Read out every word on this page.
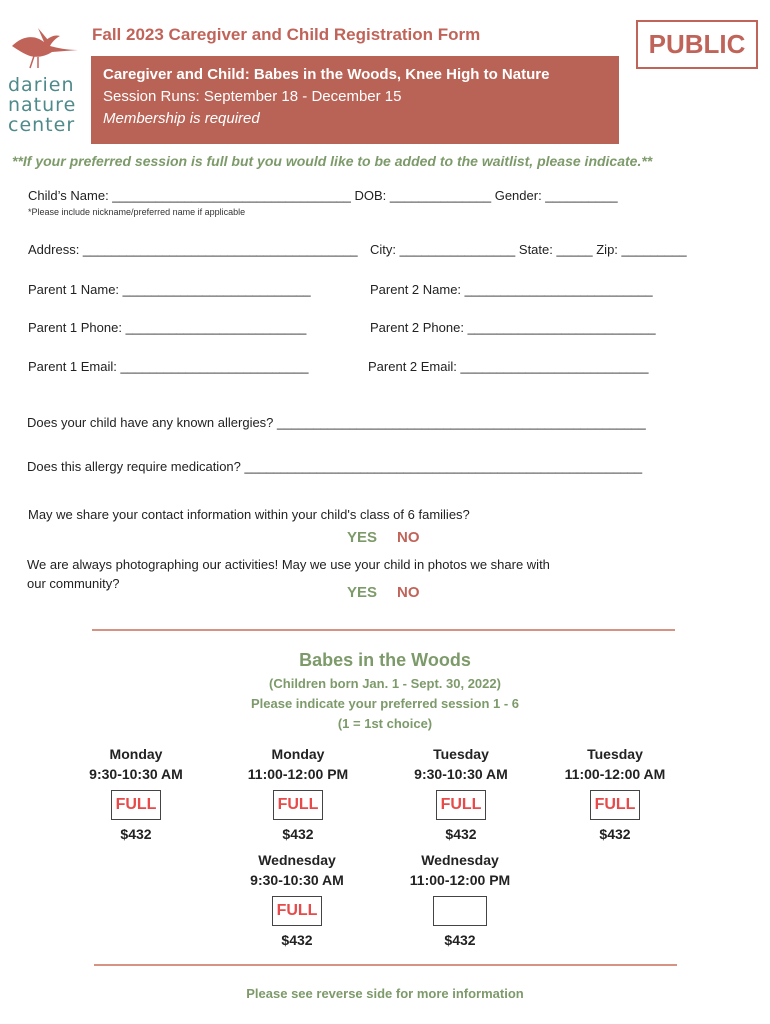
darien
nature
center
Fall 2023 Caregiver and Child Registration Form	PUBLIC
Caregiver and Child: Babes in the Woods, Knee High to Nature
Session Runs: September 18 - December 15
Membership is required
**If your preferred session is full but you would like to be added to the waitlist, please indicate.**
Child’s Name: _________________________________ DOB: ______________ Gender: __________
*Please include nickname/preferred name if applicable
Address: ______________________________________ City: ________________ State: _____ Zip: _________
Parent 1 Name: __________________________	Parent 2 Name: __________________________
Parent 1 Phone: _________________________	Parent 2 Phone: __________________________
Parent 1 Email: __________________________	Parent 2 Email: __________________________
Does your child have any known allergies? ___________________________________________________
Does this allergy require medication? _______________________________________________________
May we share your contact information within your child's class of 6 families?
YES NO
We are always photographing our activities! May we use your child in photos we share with
our community?
YES NO
Babes in the Woods
(Children born Jan. 1 - Sept. 30, 2022)
Please indicate your preferred session 1 - 6
(1 = 1st choice)
Monday
9:30-10:30 AM
FULL
$432
Monday
11:00-12:00 PM
FULL
$432
Tuesday
9:30-10:30 AM
FULL
$432
Tuesday
11:00-12:00 AM
FULL
$432
Wednesday
9:30-10:30 AM
FULL
$432
Wednesday
11:00-12:00 PM
$432
Please see reverse side for more information
